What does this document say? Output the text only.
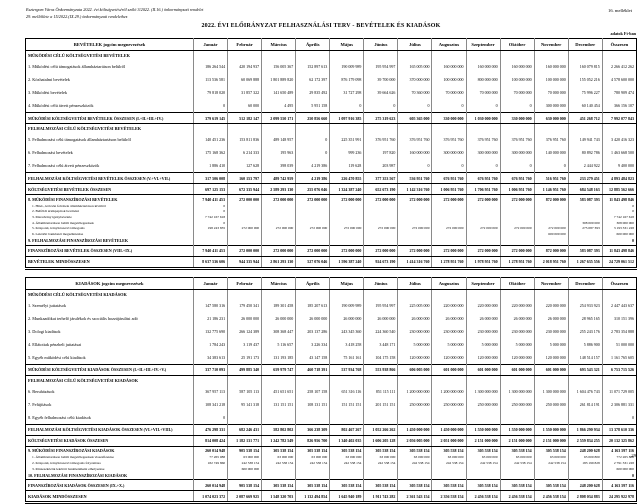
Esztergom Város Önkormányzata 2022. évi költségvetéséről szóló 3/2022. (II.16.) önkormányzati rendelet
29. melléklete a 15/2022.(IX.29.) önkormányzati rendelethez
16. melléklet
2022. ÉVI ELŐIRÁNYZAT FELHASZNÁLÁSI TERV - BEVÉTELEK ÉS KIADÁSOK
adatok Ft-ban
BEVÉTELEK jogcím megnevezések	Január	Február	Március	Április	Május	Június	Július	Augusztus	Szeptember	Október	November	December	Összesen
MŰKÖDÉSI CÉLÚ KÖLTSÉGVETÉSI BEVÉTELEK													
1. Működési célú támogatások államháztartáson belülről	186 264 544	420 194 937	156 005 367	152 897 613	190 009 989	195 954 997	165 005 000	160 000 000	160 000 000	160 000 000	160 000 000	160 079 815	2 266 412 262
2. Közhatalmi bevételek	113 536 581	60 069 888	1 801 889 820	62 172 397	876 179 098	39 700 000	370 000 000	100 000 000	800 000 000	100 000 000	100 000 000	155 052 216	4 578 600 000
3. Működési bevételek	79 818 020	31 857 322	141 650 489	29 835 492	31 727 298	39 664 626	70 360 000	70 000 000	70 000 000	70 000 000	70 000 000	75 996 227	780 909 474
4. Működési célú átvett pénzeszközök	0	60 000	4 495	5 951 158	0	0	0	0	0	0	300 000 000	60 140 454	366 156 107
MŰKÖDÉSI KÖLTSÉGVETÉSI BEVÉTELEK ÖSSZESEN (I.+II.+III.+IV.)	379 619 145	512 182 147	2 099 550 171	250 856 660	1 097 916 385	275 319 623	605 365 000	330 000 000	1 030 000 000	330 000 000	630 000 000	451 268 712	7 992 077 843
FELHALMOZÁSI CÉLÚ KÖLTSÉGVETÉSI BEVÉTELEK													
5. Felhalmozási célú támogatások államháztartáson belülről	140 451 236	153 811 836	489 148 957	0	225 351 991	376 951 760	376 951 760	376 951 760	376 951 760	376 951 760	376 951 760	149 941 743	3 420 416 323
6. Felhalmozási bevételek	175 168 362	6 214 333	195 963	0	999 236	197 820	160 000 000	300 000 000	300 000 000	300 000 000	140 000 000	80 892 786	1 463 668 500
7. Felhalmozási célú átvett pénzeszközök	1 886 410	127 628	398 039	4 219 386	119 628	203 987	0	0	0	0	0	2 444 922	9 400 000
FELHALMOZÁSI KÖLTSÉGVETÉSI BEVÉTELEK ÖSSZESEN (V.+VI.+VII.)	317 506 008	160 153 797	489 742 959	4 219 386	226 470 855	377 353 567	536 951 760	676 951 760	676 951 760	676 951 760	516 951 760	233 279 451	4 893 484 823
KÖLTSÉGVETÉSI BEVÉTELEK ÖSSZESEN	697 125 153	672 335 944	2 589 293 130	255 076 046	1 324 387 240	652 673 190	1 142 316 760	1 006 951 760	1 706 951 760	1 006 951 760	1 146 951 760	684 548 163	12 885 562 666
8. MŰKÖDÉSI FINANSZÍROZÁSI BEVÉTELEK	7 940 411 453	272 000 000	272 000 000	272 000 000	272 000 000	272 000 000	272 000 000	272 000 000	272 000 000	272 000 000	872 000 000	583 087 393	11 843 498 846
1. Hitel-, kölcsön felvétele államháztartáson kívülről	0												0
2. Belföldi értékpapírok bevételei	0												0
3. Maradvány igénybevétele	7 742 167 618												7 742 167 618
4. Államháztartáson belüli megelőlegezések	0											308 000 000	308 000 000
5. Központi, irányítószervi támogatás	198 243 835	272 000 000	272 000 000	272 000 000	272 000 000	272 000 000	272 000 000	272 000 000	272 000 000	272 000 000	272 000 000	275 087 393	3 193 331 228
6. Lekötött bankbetét megszüntetése											600 000 000		600 000 000
9. FELHALMOZÁSI FINANSZÍROZÁSI BEVÉTELEK													0
FINANSZÍROZÁSI BEVÉTELEK ÖSSZESEN (VIII.+IX.)	7 940 411 453	272 000 000	272 000 000	272 000 000	272 000 000	272 000 000	272 000 000	272 000 000	272 000 000	272 000 000	872 000 000	583 087 393	11 843 498 846
BEVÉTELEK MINDÖSSZESEN	8 637 536 606	944 335 944	2 861 293 130	527 076 046	1 596 387 240	924 673 190	1 414 316 760	1 278 951 760	1 978 951 760	1 278 951 760	2 018 951 760	1 267 635 556	24 729 061 512
KIADÁSOK jogcím megnevezések	Január	Február	Március	Április	Május	Június	Július	Augusztus	Szeptember	Október	November	December	Összesen
MŰKÖDÉSI CÉLÚ KÖLTSÉGVETÉSI KIADÁSOK													
1. Személyi juttatások	147 580 316	179 450 341	189 301 458	185 207 613	190 009 989	195 954 997	225 005 000	220 000 000	220 000 000	220 000 000	220 000 000	254 933 923	2 447 443 637
2. Munkaadókat terhelő járulékok és szociális hozzájárulási adó	21 186 231	26 000 000	26 000 000	26 000 000	26 000 000	26 000 000	26 000 000	26 000 000	26 000 000	26 000 000	26 000 000	28 965 165	310 151 396
3. Dologi kiadások	132 775 690	266 124 389	308 368 447	203 137 286	243 345 360	224 360 540	230 000 000	230 000 000	230 000 000	230 000 000	230 000 000	255 243 176	2 783 354 888
4. Ellátottak pénzbeli juttatásai	1 784 243	3 119 437	5 116 657	3 226 334	3 418 258	3 448 171	5 000 000	5 000 000	5 000 000	5 000 000	5 000 000	5 886 900	51 000 000
5. Egyéb működési célú kiadások	34 383 613	25 191 173	131 193 185	43 147 158	75 161 161	104 175 158	120 000 000	120 000 000	120 000 000	120 000 000	120 000 000	148 514 157	1 161 765 605
MŰKÖDÉSI KÖLTSÉGVETÉSI KIADÁSOK ÖSSZESEN (I.+II.+III.+IV.+V.)	337 710 093	499 885 340	659 979 747	460 718 391	537 934 768	553 938 866	606 005 000	601 000 000	601 000 000	601 000 000	601 000 000	693 543 321	6 753 715 526
FELHALMOZÁSI CÉLÚ KÖLTSÉGVETÉSI KIADÁSOK													
6. Beruházások	367 957 113	587 105 113	451 651 651	258 107 158	651 316 116	851 115 111	1 200 000 000	1 200 000 000	1 300 000 000	1 300 000 000	1 300 000 000	1 604 476 743	11 071 729 005
7. Felújítások	108 341 218	95 141 318	131 151 151	108 131 151	151 151 151	201 151 151	250 000 000	250 000 000	250 000 000	250 000 000	250 000 000	261 814 191	2 306 881 331
8. Egyéb felhalmozási célú kiadások	0												0
FELHALMOZÁSI KÖLTSÉGVETÉSI KIADÁSOK ÖSSZESEN (VI.+VII.+VIII.)	476 298 331	682 246 431	582 802 802	366 238 309	802 467 267	1 052 266 262	1 450 000 000	1 450 000 000	1 550 000 000	1 550 000 000	1 550 000 000	1 866 290 934	13 378 610 336
KÖLTSÉGVETÉSI KIADÁSOK ÖSSZESEN	814 008 424	1 182 131 771	1 242 782 549	826 956 700	1 340 402 035	1 606 205 128	2 056 005 000	2 051 000 000	2 151 000 000	2 151 000 000	2 151 000 000	2 559 834 255	20 132 325 862
9. MŰKÖDÉSI FINANSZÍROZÁSI KIADÁSOK	260 014 948	905 538 154	305 538 154	305 538 154	305 538 154	305 538 154	305 538 154	305 538 154	305 538 154	305 538 154	305 538 154	248 200 628	4 163 597 116
1. Államháztartáson belüli megelőlegezések visszafizetése	77 265 088	63 000 000	63 000 000	63 000 000	63 000 000	63 000 000	63 000 000	63 000 000	63 000 000	63 000 000	63 000 000	65 000 800	772 265 888
2. Központi, irányítószervi támogatás folyósítása	182 749 860	242 538 154	242 538 154	242 538 154	242 538 154	242 538 154	242 538 154	242 538 154	242 538 154	242 538 154	242 538 154	183 199 828	2 791 331 228
3. Pénzeszközök lekötött bankbetétként elhelyezése		600 000 000											600 000 000
10. FELHALMOZÁSI FINANSZÍROZÁSI KIADÁSOK													0
FINANSZÍROZÁSI KIADÁSOK ÖSSZESEN (IX.+X.)	260 014 948	905 538 154	305 538 154	305 538 154	305 538 154	305 538 154	305 538 154	305 538 154	305 538 154	305 538 154	305 538 154	248 200 628	4 163 597 116
KIADÁSOK MINDÖSSZESEN	1 074 023 372	2 087 669 925	1 548 320 703	1 132 494 854	1 645 940 189	1 911 743 282	2 361 543 154	2 356 538 154	2 456 538 154	2 456 538 154	2 456 538 154	2 808 034 883	24 295 922 978
29
